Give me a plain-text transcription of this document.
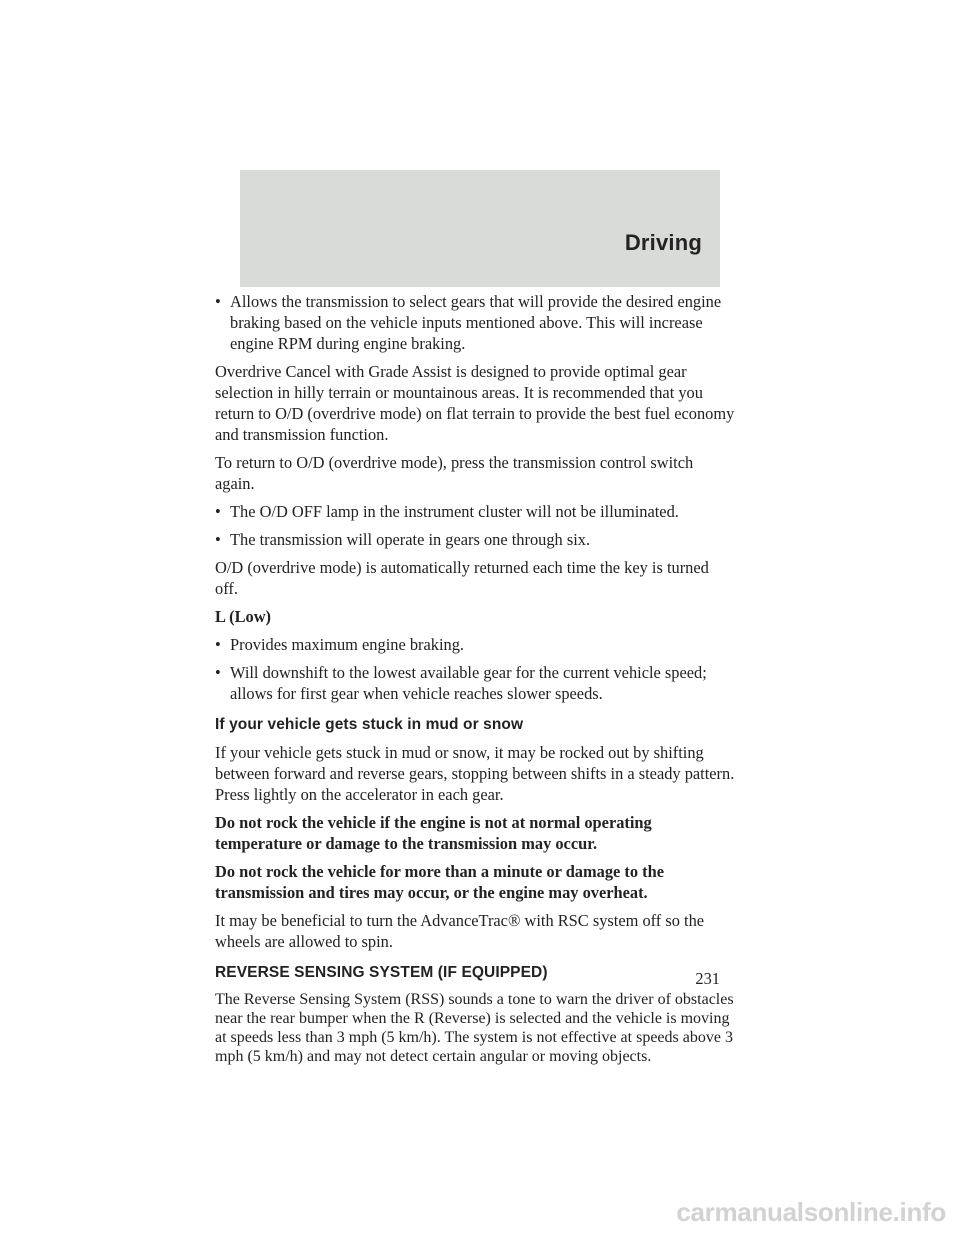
Driving
• Allows the transmission to select gears that will provide the desired engine braking based on the vehicle inputs mentioned above. This will increase engine RPM during engine braking.

Overdrive Cancel with Grade Assist is designed to provide optimal gear selection in hilly terrain or mountainous areas. It is recommended that you return to O/D (overdrive mode) on flat terrain to provide the best fuel economy and transmission function.

To return to O/D (overdrive mode), press the transmission control switch again.

• The O/D OFF lamp in the instrument cluster will not be illuminated.
• The transmission will operate in gears one through six.

O/D (overdrive mode) is automatically returned each time the key is turned off.

L (Low)

• Provides maximum engine braking.
• Will downshift to the lowest available gear for the current vehicle speed; allows for first gear when vehicle reaches slower speeds.
If your vehicle gets stuck in mud or snow

If your vehicle gets stuck in mud or snow, it may be rocked out by shifting between forward and reverse gears, stopping between shifts in a steady pattern. Press lightly on the accelerator in each gear.

Do not rock the vehicle if the engine is not at normal operating temperature or damage to the transmission may occur.

Do not rock the vehicle for more than a minute or damage to the transmission and tires may occur, or the engine may overheat.

It may be beneficial to turn the AdvanceTrac® with RSC system off so the wheels are allowed to spin.

REVERSE SENSING SYSTEM (IF EQUIPPED)

The Reverse Sensing System (RSS) sounds a tone to warn the driver of obstacles near the rear bumper when the R (Reverse) is selected and the vehicle is moving at speeds less than 3 mph (5 km/h). The system is not effective at speeds above 3 mph (5 km/h) and may not detect certain angular or moving objects.

231
carmanualsonline.info
